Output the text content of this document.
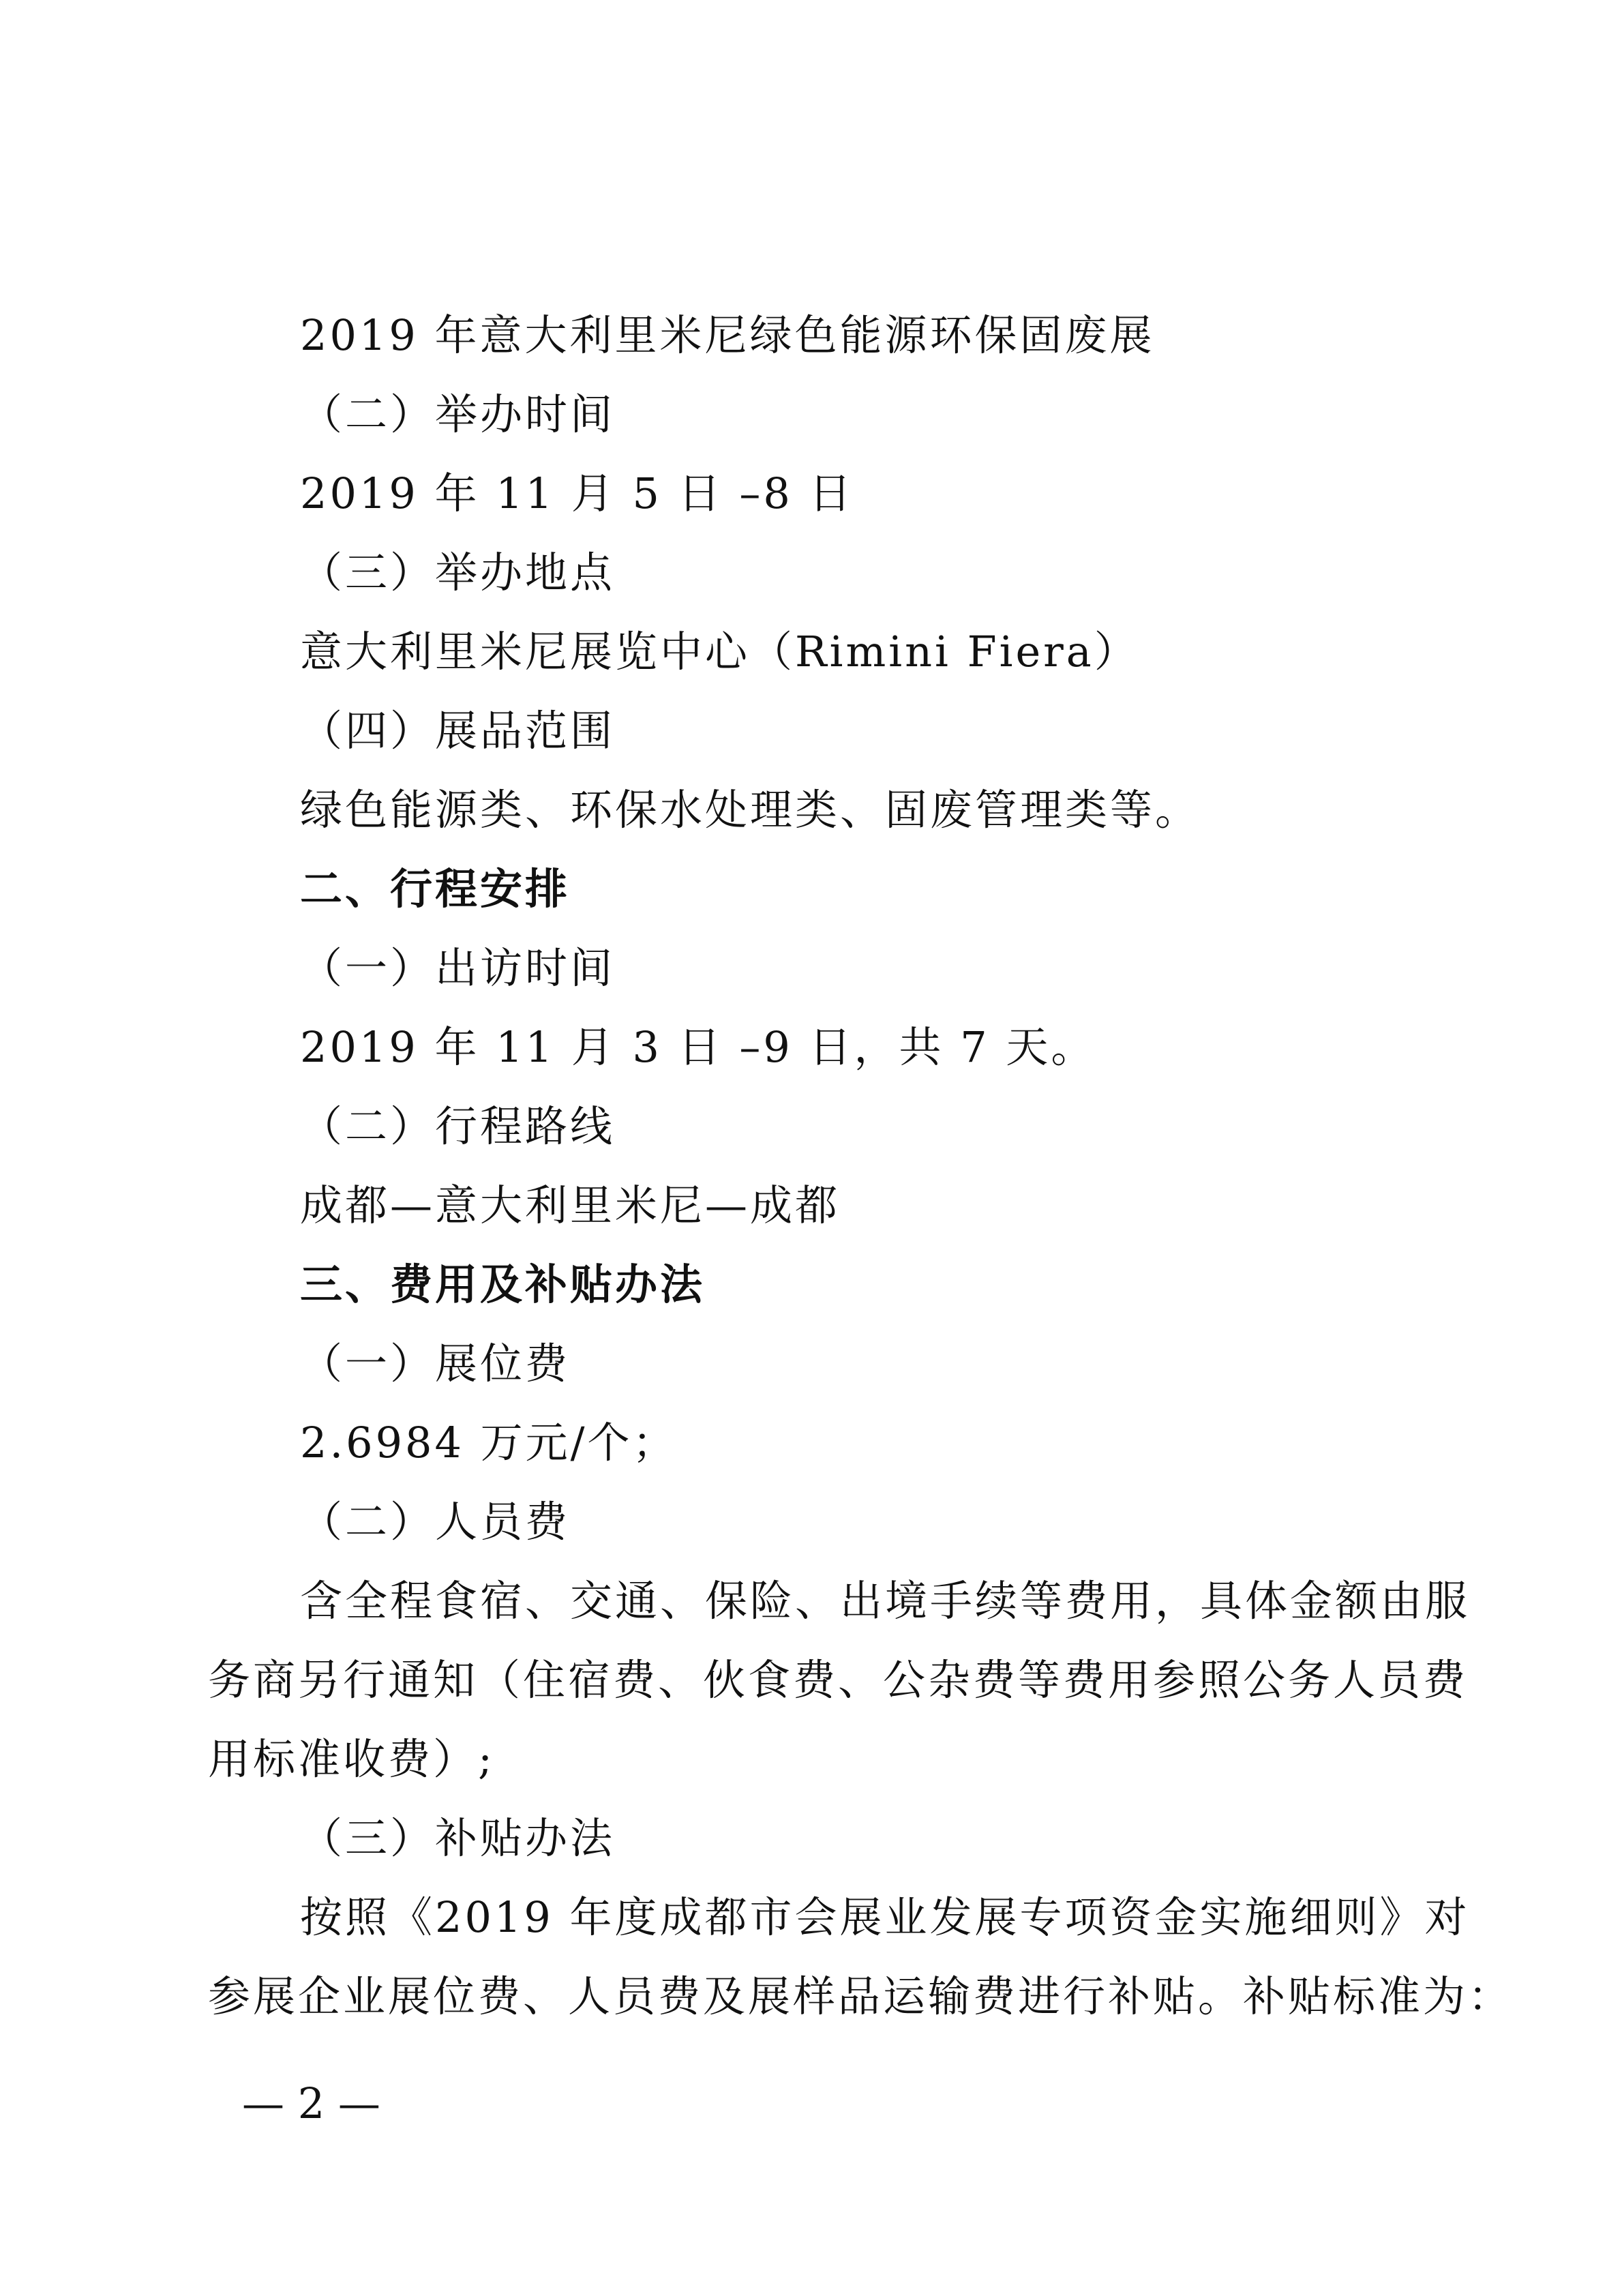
2019 年意大利里米尼绿色能源环保固废展
（二）举办时间
2019 年 11 月 5 日 –8 日
（三）举办地点
意大利里米尼展览中心（Rimini Fiera）
（四）展品范围
绿色能源类、环保水处理类、固废管理类等。
二、行程安排
（一）出访时间
2019 年 11 月 3 日 –9 日，共 7 天。
（二）行程路线
成都—意大利里米尼—成都
三、费用及补贴办法
（一）展位费
2.6984 万元/个；
（二）人员费
含全程食宿、交通、保险、出境手续等费用，具体金额由服
务商另行通知（住宿费、伙食费、公杂费等费用参照公务人员费
用标准收费）;
（三）补贴办法
按照《2019 年度成都市会展业发展专项资金实施细则》对
参展企业展位费、人员费及展样品运输费进行补贴。补贴标准为：
— 2 —
